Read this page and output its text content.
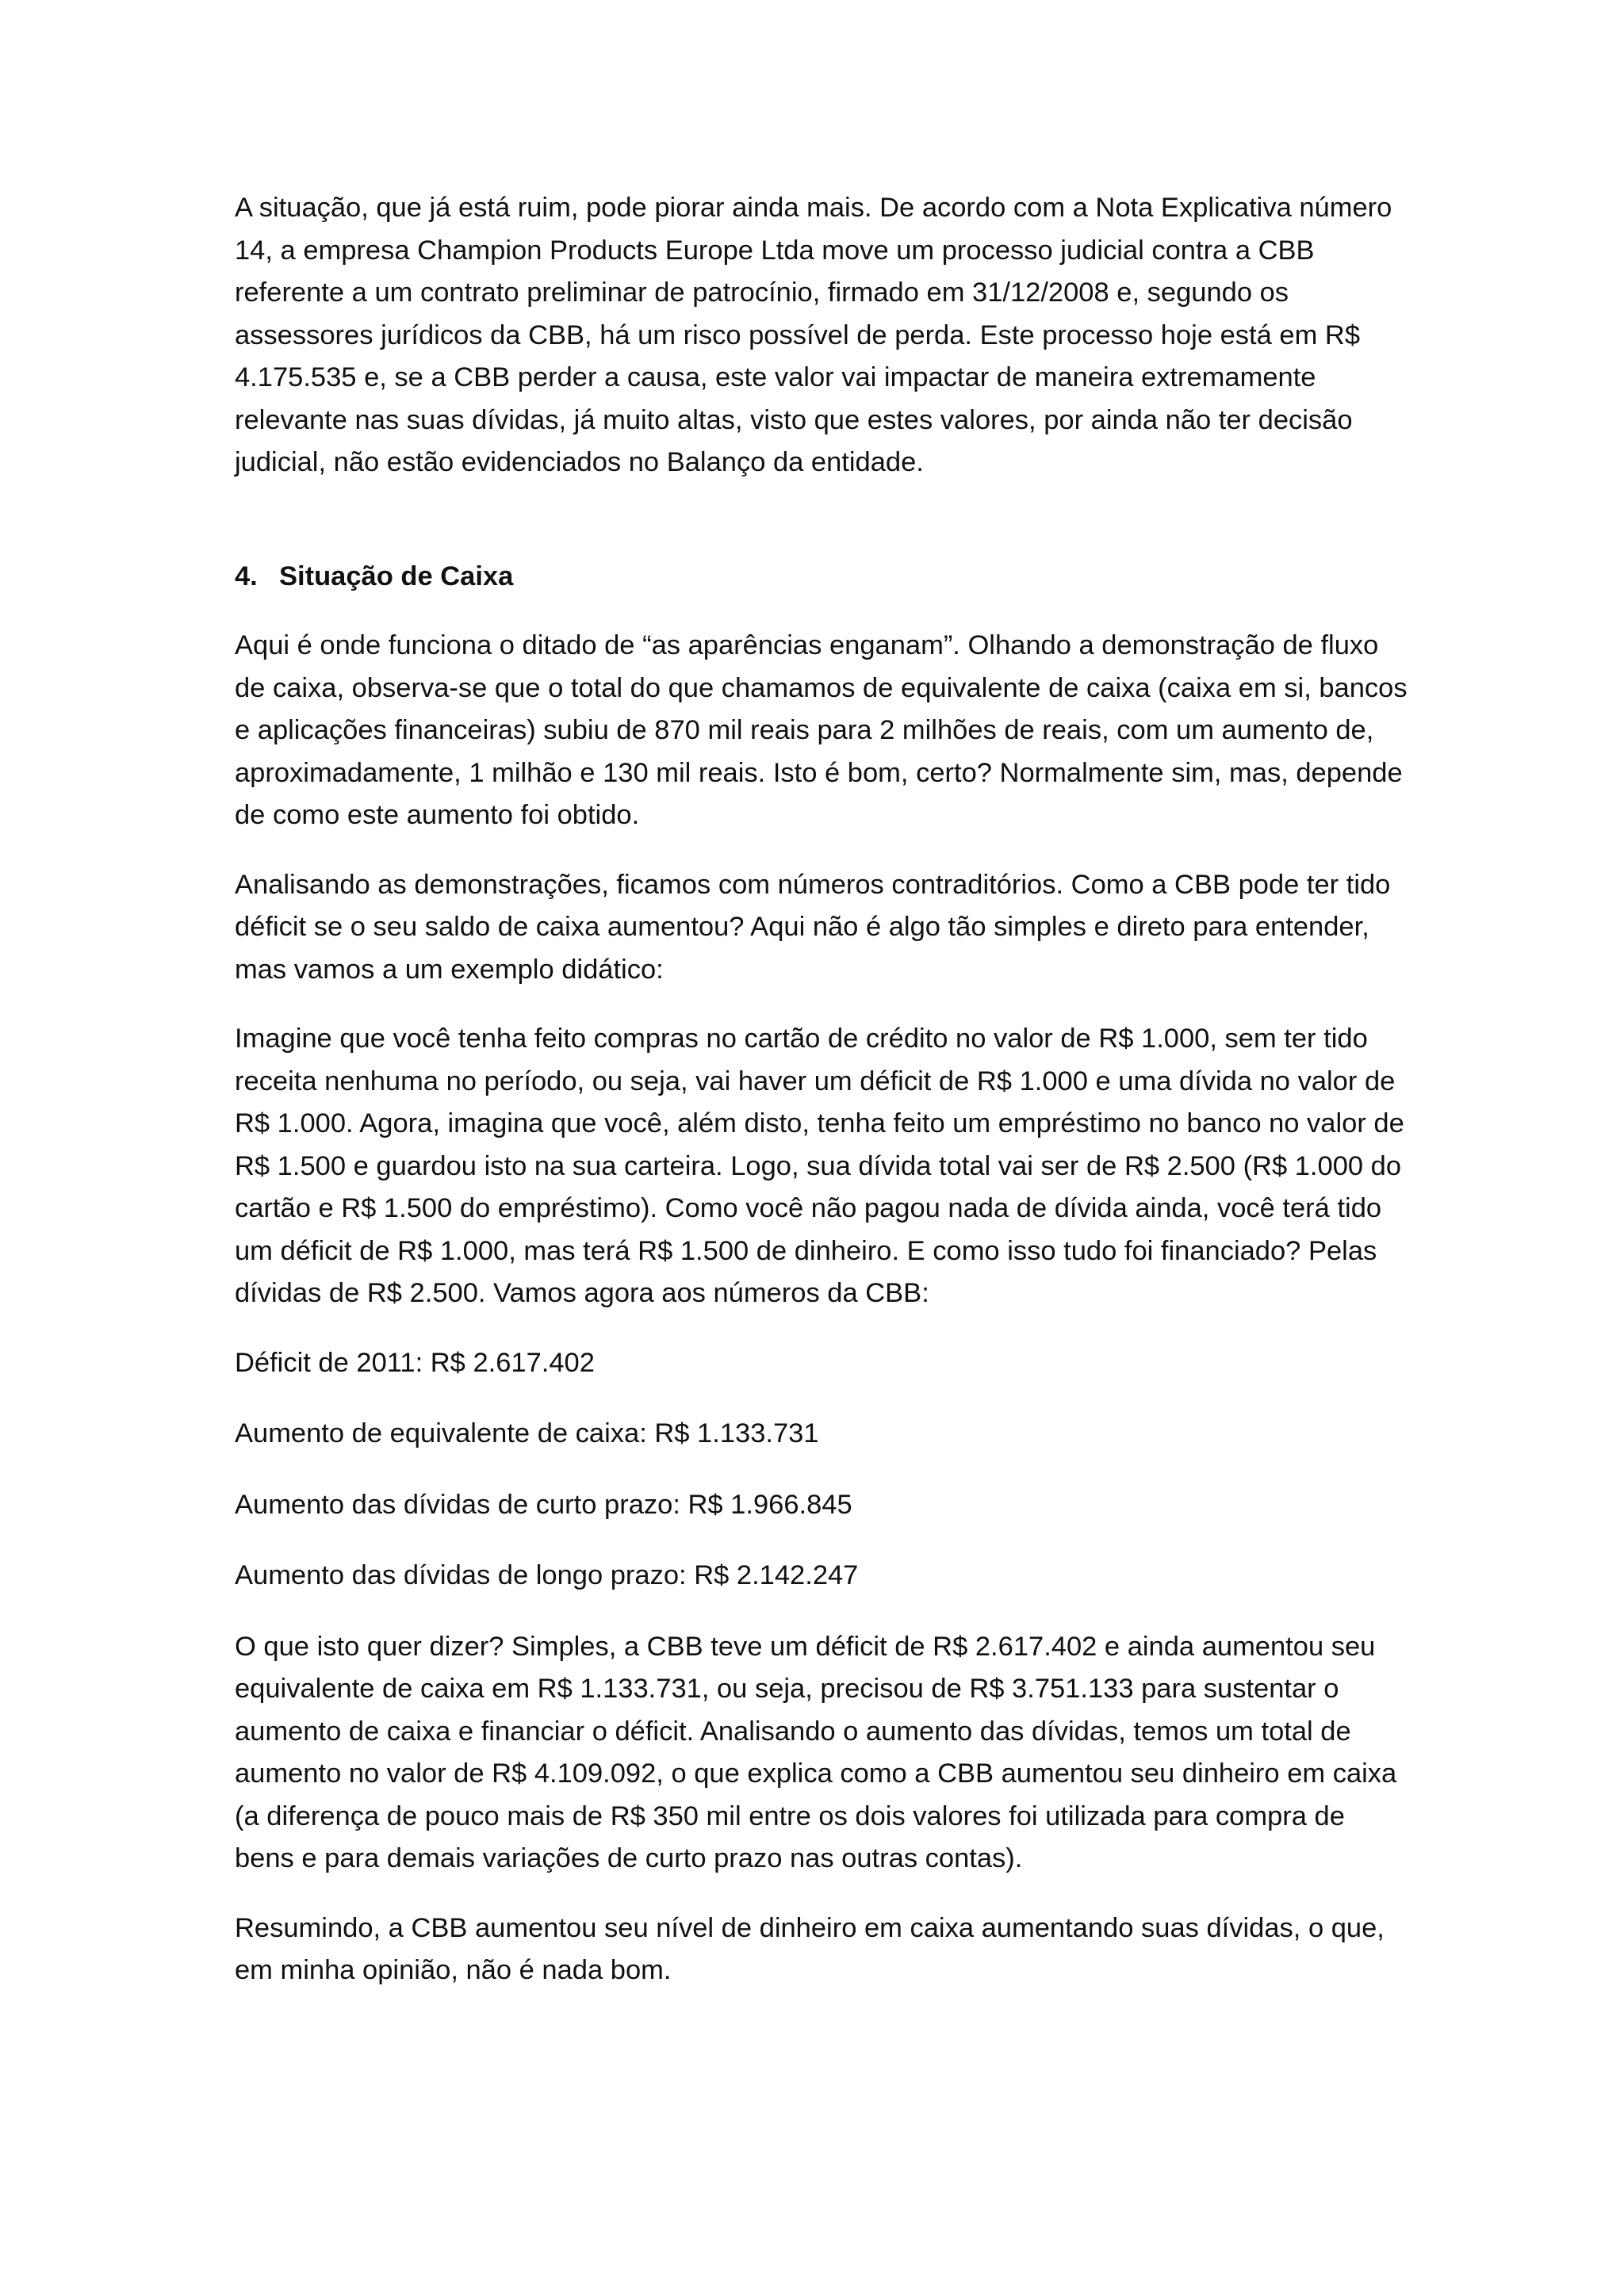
A situação, que já está ruim, pode piorar ainda mais. De acordo com a Nota Explicativa número 14, a empresa Champion Products Europe Ltda move um processo judicial contra a CBB referente a um contrato preliminar de patrocínio, firmado em 31/12/2008 e, segundo os assessores jurídicos da CBB, há um risco possível de perda. Este processo hoje está em R$ 4.175.535 e, se a CBB perder a causa, este valor vai impactar de maneira extremamente relevante nas suas dívidas, já muito altas, visto que estes valores, por ainda não ter decisão judicial, não estão evidenciados no Balanço da entidade.

4. Situação de Caixa

Aqui é onde funciona o ditado de “as aparências enganam”. Olhando a demonstração de fluxo de caixa, observa-se que o total do que chamamos de equivalente de caixa (caixa em si, bancos e aplicações financeiras) subiu de 870 mil reais para 2 milhões de reais, com um aumento de, aproximadamente, 1 milhão e 130 mil reais. Isto é bom, certo? Normalmente sim, mas, depende de como este aumento foi obtido.

Analisando as demonstrações, ficamos com números contraditórios. Como a CBB pode ter tido déficit se o seu saldo de caixa aumentou? Aqui não é algo tão simples e direto para entender, mas vamos a um exemplo didático:

Imagine que você tenha feito compras no cartão de crédito no valor de R$ 1.000, sem ter tido receita nenhuma no período, ou seja, vai haver um déficit de R$ 1.000 e uma dívida no valor de R$ 1.000. Agora, imagina que você, além disto, tenha feito um empréstimo no banco no valor de R$ 1.500 e guardou isto na sua carteira. Logo, sua dívida total vai ser de R$ 2.500 (R$ 1.000 do cartão e R$ 1.500 do empréstimo). Como você não pagou nada de dívida ainda, você terá tido um déficit de R$ 1.000, mas terá R$ 1.500 de dinheiro. E como isso tudo foi financiado? Pelas dívidas de R$ 2.500. Vamos agora aos números da CBB:

Déficit de 2011: R$ 2.617.402

Aumento de equivalente de caixa: R$ 1.133.731

Aumento das dívidas de curto prazo: R$ 1.966.845

Aumento das dívidas de longo prazo: R$ 2.142.247

O que isto quer dizer? Simples, a CBB teve um déficit de R$ 2.617.402 e ainda aumentou seu equivalente de caixa em R$ 1.133.731, ou seja, precisou de R$ 3.751.133 para sustentar o aumento de caixa e financiar o déficit. Analisando o aumento das dívidas, temos um total de aumento no valor de R$ 4.109.092, o que explica como a CBB aumentou seu dinheiro em caixa (a diferença de pouco mais de R$ 350 mil entre os dois valores foi utilizada para compra de bens e para demais variações de curto prazo nas outras contas).

Resumindo, a CBB aumentou seu nível de dinheiro em caixa aumentando suas dívidas, o que, em minha opinião, não é nada bom.
